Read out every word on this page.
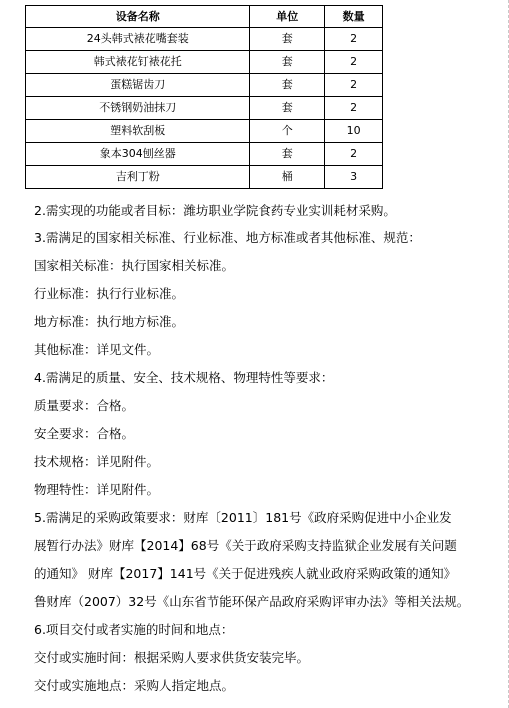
设备名称	单位	数量
24头韩式裱花嘴套装	套	2
韩式裱花钉裱花托	套	2
蛋糕锯齿刀	套	2
不锈钢奶油抹刀	套	2
塑料软刮板	个	10
象本304刨丝器	套	2
吉利丁粉	桶	3
2.需实现的功能或者目标：潍坊职业学院食药专业实训耗材采购。
3.需满足的国家相关标准、行业标准、地方标准或者其他标准、规范：
国家相关标准：执行国家相关标准。
行业标准：执行行业标准。
地方标准：执行地方标准。
其他标准：详见文件。
4.需满足的质量、安全、技术规格、物理特性等要求：
质量要求：合格。
安全要求：合格。
技术规格：详见附件。
物理特性：详见附件。
5.需满足的采购政策要求：财库〔2011〕181号《政府采购促进中小企业发
展暂行办法》财库【2014】68号《关于政府采购支持监狱企业发展有关问题
的通知》 财库【2017】141号《关于促进残疾人就业政府采购政策的通知》
鲁财库（2007）32号《山东省节能环保产品政府采购评审办法》等相关法规。
6.项目交付或者实施的时间和地点：
交付或实施时间：根据采购人要求供货安装完毕。
交付或实施地点：采购人指定地点。
